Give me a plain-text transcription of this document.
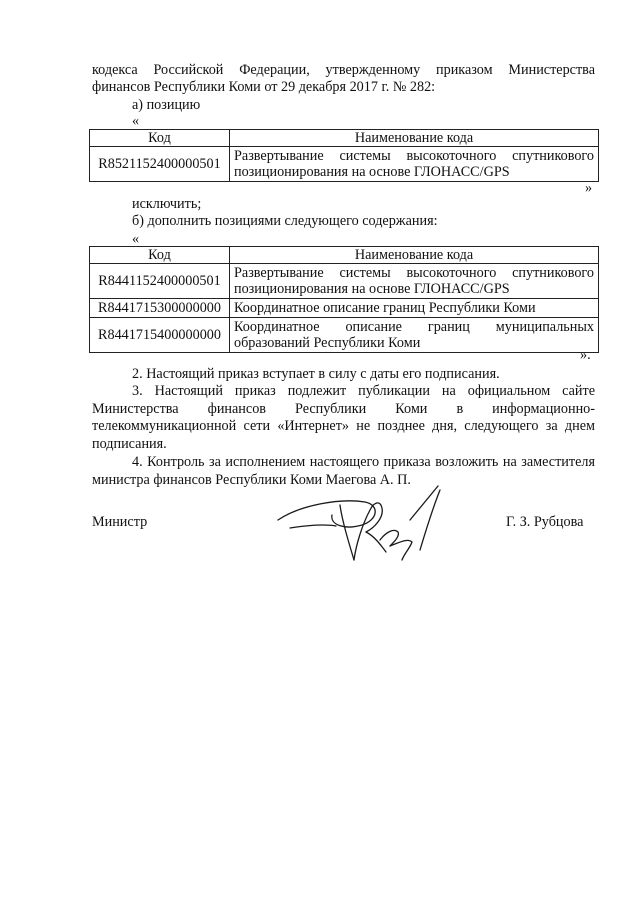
кодекса Российской Федерации, утвержденному приказом Министерства
финансов Республики Коми от 29 декабря 2017 г. № 282:
а) позицию
«
Код	Наименование кода
R8521152400000501	Развертывание системы высокоточного спутникового позиционирования на основе ГЛОНАСС/GPS
»
исключить;
б) дополнить позициями следующего содержания:
«
Код	Наименование кода
R8441152400000501	Развертывание системы высокоточного спутникового позиционирования на основе ГЛОНАСС/GPS
R8441715300000000	Координатное описание границ Республики Коми
R8441715400000000	Координатное описание границ муниципальных образований Республики Коми
».
2. Настоящий приказ вступает в силу с даты его подписания.
3. Настоящий приказ подлежит публикации на официальном сайте Министерства финансов Республики Коми в информационно-телекоммуникационной сети «Интернет» не позднее дня, следующего за днем подписания.
4. Контроль за исполнением настоящего приказа возложить на заместителя министра финансов Республики Коми Маегова А. П.
Министр	Г. З. Рубцова
